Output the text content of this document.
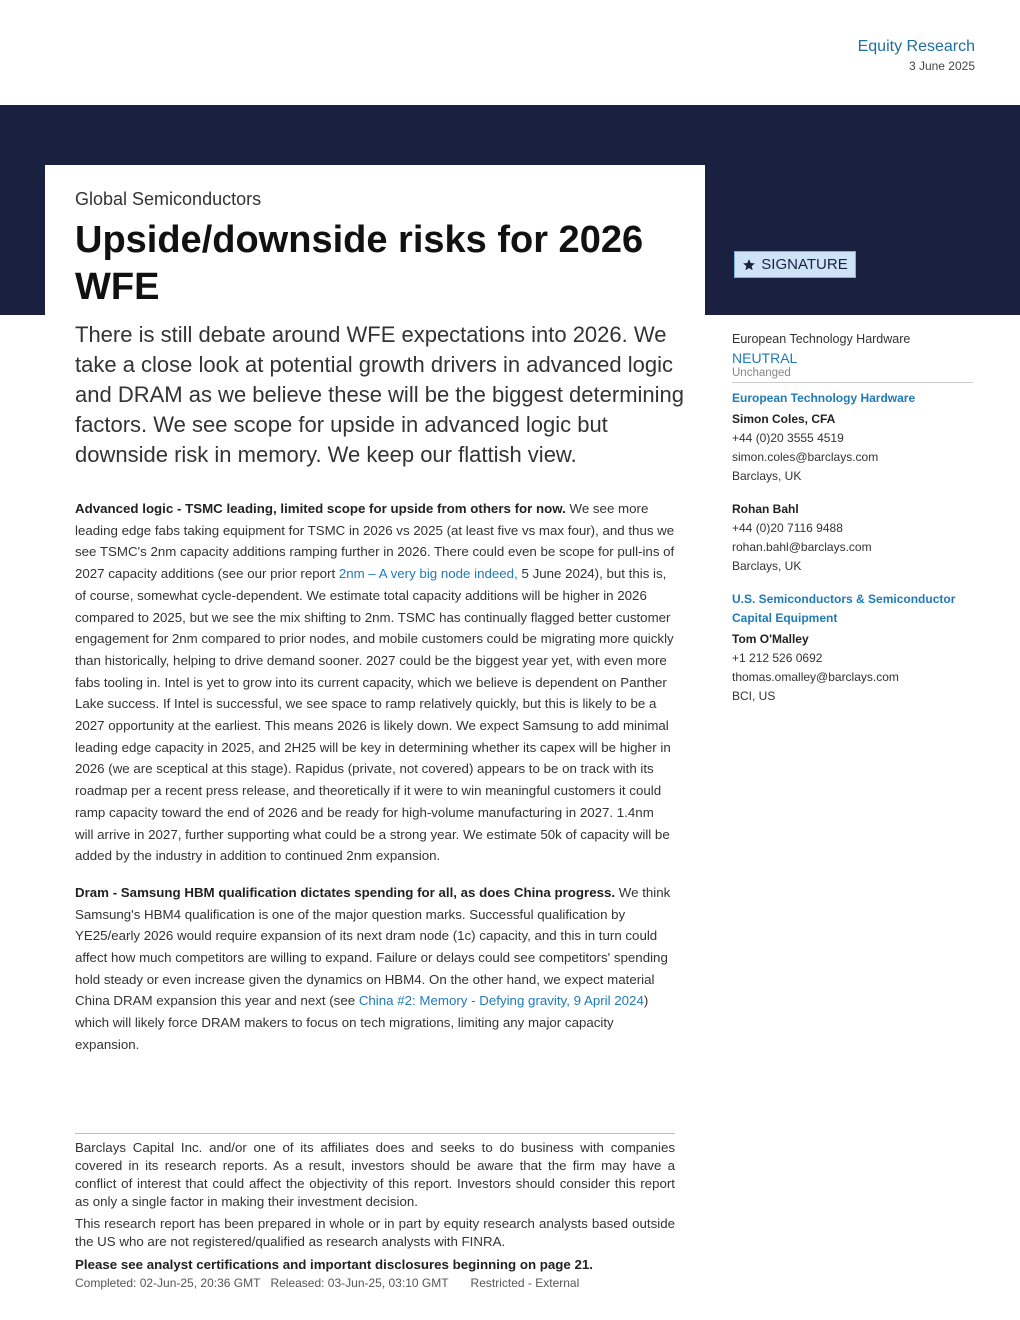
Equity Research
3 June 2025
Global Semiconductors
Upside/downside risks for 2026 WFE
SIGNATURE

There is still debate around WFE expectations into 2026. We take a close look at potential growth drivers in advanced logic and DRAM as we believe these will be the biggest determining factors. We see scope for upside in advanced logic but downside risk in memory. We keep our flattish view.

Advanced logic - TSMC leading, limited scope for upside from others for now. We see more leading edge fabs taking equipment for TSMC in 2026 vs 2025 (at least five vs max four), and thus we see TSMC's 2nm capacity additions ramping further in 2026. There could even be scope for pull-ins of 2027 capacity additions (see our prior report 2nm – A very big node indeed, 5 June 2024), but this is, of course, somewhat cycle-dependent. We estimate total capacity additions will be higher in 2026 compared to 2025, but we see the mix shifting to 2nm. TSMC has continually flagged better customer engagement for 2nm compared to prior nodes, and mobile customers could be migrating more quickly than historically, helping to drive demand sooner. 2027 could be the biggest year yet, with even more fabs tooling in. Intel is yet to grow into its current capacity, which we believe is dependent on Panther Lake success. If Intel is successful, we see space to ramp relatively quickly, but this is likely to be a 2027 opportunity at the earliest. This means 2026 is likely down. We expect Samsung to add minimal leading edge capacity in 2025, and 2H25 will be key in determining whether its capex will be higher in 2026 (we are sceptical at this stage). Rapidus (private, not covered) appears to be on track with its roadmap per a recent press release, and theoretically if it were to win meaningful customers it could ramp capacity toward the end of 2026 and be ready for high-volume manufacturing in 2027. 1.4nm will arrive in 2027, further supporting what could be a strong year. We estimate 50k of capacity will be added by the industry in addition to continued 2nm expansion.

Dram - Samsung HBM qualification dictates spending for all, as does China progress. We think Samsung's HBM4 qualification is one of the major question marks. Successful qualification by YE25/early 2026 would require expansion of its next dram node (1c) capacity, and this in turn could affect how much competitors are willing to expand. Failure or delays could see competitors' spending hold steady or even increase given the dynamics on HBM4. On the other hand, we expect material China DRAM expansion this year and next (see China #2: Memory - Defying gravity, 9 April 2024) which will likely force DRAM makers to focus on tech migrations, limiting any major capacity expansion.

European Technology Hardware
NEUTRAL
Unchanged
European Technology Hardware
Simon Coles, CFA
+44 (0)20 3555 4519
simon.coles@barclays.com
Barclays, UK
Rohan Bahl
+44 (0)20 7116 9488
rohan.bahl@barclays.com
Barclays, UK
U.S. Semiconductors & Semiconductor Capital Equipment
Tom O'Malley
+1 212 526 0692
thomas.omalley@barclays.com
BCI, US

Barclays Capital Inc. and/or one of its affiliates does and seeks to do business with companies covered in its research reports. As a result, investors should be aware that the firm may have a conflict of interest that could affect the objectivity of this report. Investors should consider this report as only a single factor in making their investment decision.

This research report has been prepared in whole or in part by equity research analysts based outside the US who are not registered/qualified as research analysts with FINRA.

Please see analyst certifications and important disclosures beginning on page 21.
Completed: 02-Jun-25, 20:36 GMT Released: 03-Jun-25, 03:10 GMT Restricted - External
